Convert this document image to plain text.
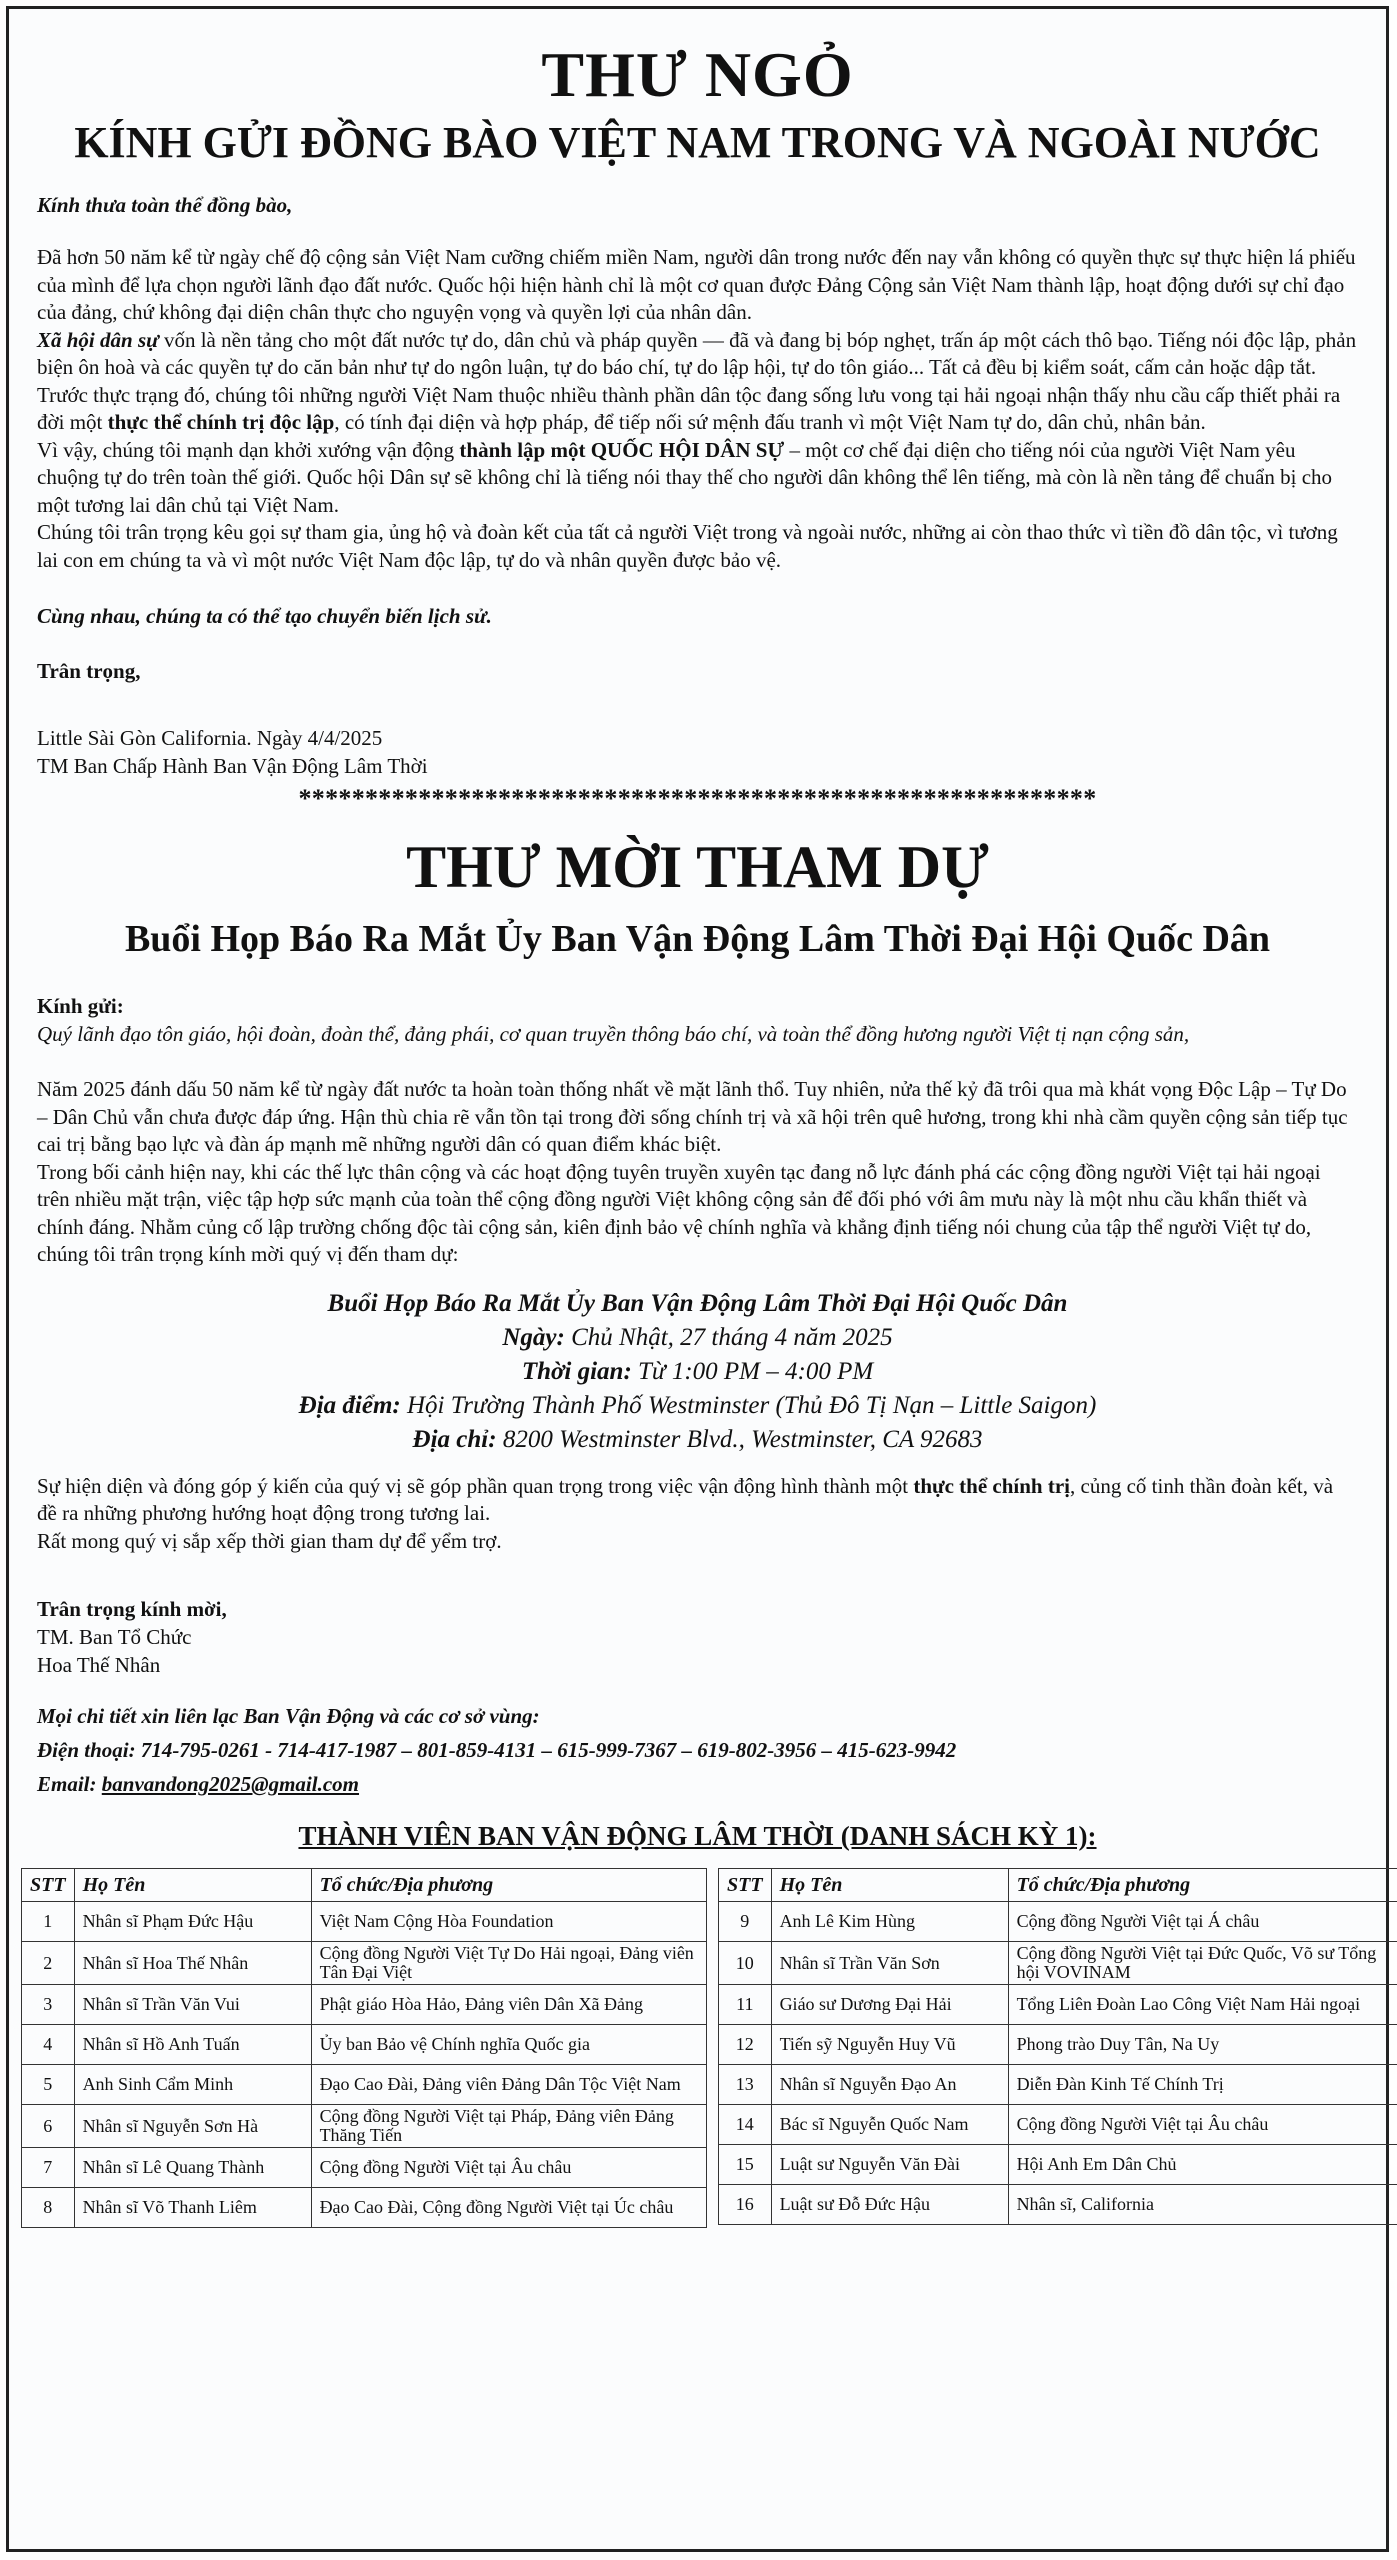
THƯ NGỎ
KÍNH GỬI ĐỒNG BÀO VIỆT NAM TRONG VÀ NGOÀI NƯỚC
Kính thưa toàn thể đồng bào,

Đã hơn 50 năm kể từ ngày chế độ cộng sản Việt Nam cưỡng chiếm miền Nam, người dân trong nước đến nay vẫn không có quyền thực sự thực hiện lá phiếu của mình để lựa chọn người lãnh đạo đất nước. Quốc hội hiện hành chỉ là một cơ quan được Đảng Cộng sản Việt Nam thành lập, hoạt động dưới sự chỉ đạo của đảng, chứ không đại diện chân thực cho nguyện vọng và quyền lợi của nhân dân.

Xã hội dân sự vốn là nền tảng cho một đất nước tự do, dân chủ và pháp quyền — đã và đang bị bóp nghẹt, trấn áp một cách thô bạo. Tiếng nói độc lập, phản biện ôn hoà và các quyền tự do căn bản như tự do ngôn luận, tự do báo chí, tự do lập hội, tự do tôn giáo... Tất cả đều bị kiểm soát, cấm cản hoặc dập tắt.

Trước thực trạng đó, chúng tôi những người Việt Nam thuộc nhiều thành phần dân tộc đang sống lưu vong tại hải ngoại nhận thấy nhu cầu cấp thiết phải ra đời một thực thể chính trị độc lập, có tính đại diện và hợp pháp, để tiếp nối sứ mệnh đấu tranh vì một Việt Nam tự do, dân chủ, nhân bản.

Vì vậy, chúng tôi mạnh dạn khởi xướng vận động thành lập một QUỐC HỘI DÂN SỰ – một cơ chế đại diện cho tiếng nói của người Việt Nam yêu chuộng tự do trên toàn thế giới. Quốc hội Dân sự sẽ không chỉ là tiếng nói thay thế cho người dân không thể lên tiếng, mà còn là nền tảng để chuẩn bị cho một tương lai dân chủ tại Việt Nam.

Chúng tôi trân trọng kêu gọi sự tham gia, ủng hộ và đoàn kết của tất cả người Việt trong và ngoài nước, những ai còn thao thức vì tiền đồ dân tộc, vì tương lai con em chúng ta và vì một nước Việt Nam độc lập, tự do và nhân quyền được bảo vệ.

Cùng nhau, chúng ta có thể tạo chuyển biến lịch sử.
Trân trọng,

Little Sài Gòn California. Ngày 4/4/2025

TM Ban Chấp Hành Ban Vận Động Lâm Thời

************************************************************
THƯ MỜI THAM DỰ
Buổi Họp Báo Ra Mắt Ủy Ban Vận Động Lâm Thời Đại Hội Quốc Dân

Kính gửi:

Quý lãnh đạo tôn giáo, hội đoàn, đoàn thể, đảng phái, cơ quan truyền thông báo chí, và toàn thể đồng hương người Việt tị nạn cộng sản,

Năm 2025 đánh dấu 50 năm kể từ ngày đất nước ta hoàn toàn thống nhất về mặt lãnh thổ. Tuy nhiên, nửa thế kỷ đã trôi qua mà khát vọng Độc Lập – Tự Do – Dân Chủ vẫn chưa được đáp ứng. Hận thù chia rẽ vẫn tồn tại trong đời sống chính trị và xã hội trên quê hương, trong khi nhà cầm quyền cộng sản tiếp tục cai trị bằng bạo lực và đàn áp mạnh mẽ những người dân có quan điểm khác biệt.

Trong bối cảnh hiện nay, khi các thế lực thân cộng và các hoạt động tuyên truyền xuyên tạc đang nỗ lực đánh phá các cộng đồng người Việt tại hải ngoại trên nhiều mặt trận, việc tập hợp sức mạnh của toàn thể cộng đồng người Việt không cộng sản để đối phó với âm mưu này là một nhu cầu khẩn thiết và chính đáng. Nhằm củng cố lập trường chống độc tài cộng sản, kiên định bảo vệ chính nghĩa và khẳng định tiếng nói chung của tập thể người Việt tự do, chúng tôi trân trọng kính mời quý vị đến tham dự:

Buổi Họp Báo Ra Mắt Ủy Ban Vận Động Lâm Thời Đại Hội Quốc Dân
Ngày: Chủ Nhật, 27 tháng 4 năm 2025
Thời gian: Từ 1:00 PM – 4:00 PM
Địa điểm: Hội Trường Thành Phố Westminster (Thủ Đô Tị Nạn – Little Saigon)
Địa chỉ: 8200 Westminster Blvd., Westminster, CA 92683

Sự hiện diện và đóng góp ý kiến của quý vị sẽ góp phần quan trọng trong việc vận động hình thành một thực thể chính trị, củng cố tinh thần đoàn kết, và đề ra những phương hướng hoạt động trong tương lai.

Rất mong quý vị sắp xếp thời gian tham dự để yểm trợ.

Trân trọng kính mời,

TM. Ban Tổ Chức

Hoa Thế Nhân

Mọi chi tiết xin liên lạc Ban Vận Động và các cơ sở vùng:

Điện thoại: 714-795-0261 - 714-417-1987 – 801-859-4131 – 615-999-7367 – 619-802-3956 – 415-623-9942

Email: banvandong2025@gmail.com

THÀNH VIÊN BAN VẬN ĐỘNG LÂM THỜI (DANH SÁCH KỲ 1):
STT	Họ Tên	Tổ chức/Địa phương
1	Nhân sĩ Phạm Đức Hậu	Việt Nam Cộng Hòa Foundation
2	Nhân sĩ Hoa Thế Nhân	Cộng đồng Người Việt Tự Do Hải ngoại, Đảng viên Tân Đại Việt
3	Nhân sĩ Trần Văn Vui	Phật giáo Hòa Hảo, Đảng viên Dân Xã Đảng
4	Nhân sĩ Hồ Anh Tuấn	Ủy ban Bảo vệ Chính nghĩa Quốc gia
5	Anh Sinh Cẩm Minh	Đạo Cao Đài, Đảng viên Đảng Dân Tộc Việt Nam
6	Nhân sĩ Nguyễn Sơn Hà	Cộng đồng Người Việt tại Pháp, Đảng viên Đảng Thăng Tiến
7	Nhân sĩ Lê Quang Thành	Cộng đồng Người Việt tại Âu châu
8	Nhân sĩ Võ Thanh Liêm	Đạo Cao Đài, Cộng đồng Người Việt tại Úc châu
STT	Họ Tên	Tổ chức/Địa phương
9	Anh Lê Kim Hùng	Cộng đồng Người Việt tại Á châu
10	Nhân sĩ Trần Văn Sơn	Cộng đồng Người Việt tại Đức Quốc, Võ sư Tổng hội VOVINAM
11	Giáo sư Dương Đại Hải	Tổng Liên Đoàn Lao Công Việt Nam Hải ngoại
12	Tiến sỹ Nguyễn Huy Vũ	Phong trào Duy Tân, Na Uy
13	Nhân sĩ Nguyễn Đạo An	Diễn Đàn Kinh Tế Chính Trị
14	Bác sĩ Nguyễn Quốc Nam	Cộng đồng Người Việt tại Âu châu
15	Luật sư Nguyễn Văn Đài	Hội Anh Em Dân Chủ
16	Luật sư Đỗ Đức Hậu	Nhân sĩ, California
